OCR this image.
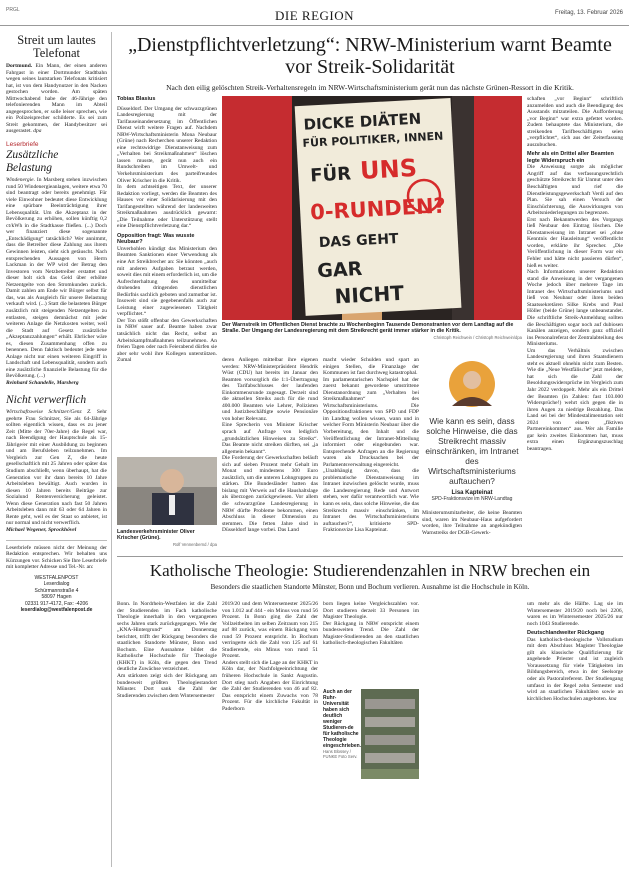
PRGL	DIE REGION	Freitag, 13. Februar 2026
Streit um lautes Telefonat

Dortmund. Ein Mann, der einen anderen Fahrgast in einer Dortmunder Stadtbahn wegen seines lautstarken Telefonats kritisiert hat, ist von dem Handynutzer in den Nacken gestochen worden. Am späten Mittwochabend habe der 46-Jährige den telefonierenden Mann im Abteil angegesprochen, er solle leiser sprechen, wie ein Polizeisprecher schilderte. Es sei zum Streit gekommen, der Handybesitzer sei ausgerastet. dpa

Leserbriefe
Zusätzliche Belastung

Windenergie. In Marsberg stehen inzwischen rund 50 Windenergieanlagen, weitere etwa 70 sind beantragt oder bereits genehmigt. Für viele Einwohner bedeutet diese Entwicklung eine spürbare Beeinträchtigung ihrer Lebensqualität. Um die Akzeptanz in der Bevölkerung zu erhöhen, sollen künftig 0,2 ct/kWh in die Stadtkasse fließen. (...) Doch wer finanziert diese sogenannte „Entschädigung“ tatsächlich? Wer annimmt, dass die Betreiber diese Zahlung aus ihrem Gewinnen leisten, sieht sich getäuscht. Nach entsprechenden Aussagen von Herrn Lackman in der WP wird der Betrag den Investoren vom Netzbetreiber erstattet und dieser holt sich das Geld über erhöhte Netzentgelte von den Stromkunden zurück. Damit zahlen am Ende wir Bürger selbst für das, was als Ausgleich für unsere Belastung verkauft wird. (...) Statt die belasteten Bürger zusätzlich mit steigenden Netzentgelten zu entlasten, steigen demnächst mit jeder weiteren Anlage die Netzkosten weiter, weil die Stadt auf Gesetz zusätzliche „Akzeptanzzahlungen“ erhält. Ehrlicher wäre es, diesen Zusammenhang offen zu benennen. Denn faktisch bedeutet jede neue Anlage nicht nur einen weiteren Eingriff in Landschaft und Lebensqualität, sondern auch eine zusätzliche finanzielle Belastung für die Bevölkerung. (...)

Reinhard Schandelle, Marsberg
Nicht verwerflich

Wirtschaftsweise Schnitzer/Genz Z. Sehr geehrte Frau Schnitzer, Sie als 64-Jährige sollten eigentlich wissen, dass es zu jener Zeit (Mitte der 70er-Jahre) die Regel war, nach Beendigung der Hauptschule als 15-Jährige/er mit einer Ausbildung zu beginnen und am Berufsleben teilzunehmen. Im Vergleich zur Gen Z, die heute gesellschaftlich mit 25 Jahren oder später das Studium abschließt, wenn überhaupt, hat die Generation vor ihr dann bereits 10 Jahre Arbeitsleben bewältigt. Auch wurden in diesen 10 Jahren bereits Beiträge zur Sozialund Rentenversicherung geleistet. Wenn diese Generation nach fast 50 Jahren Arbeitsleben dann mit 63 oder 64 Jahren in Rente geht, weil es der Staat so anbietet, ist nur normal und nicht verwerflich.

Michael Wegener, Sprockhövel

Leserbriefe müssen nicht der Meinung der Redaktion entsprechen. Wir behalten uns Kürzungen vor. Schicken Sie Ihre Leserbriefe mit kompletter Adresse und Tel.-Nr. an:

WESTFALENPOST
Leserdialog
Schürmannstraße 4
58097 Hagen
02331 917-4172, Fax: -4206
leserdialog@westfalenpost.de
„Dienstpflichtverletzung“: NRW-Ministerium warnt Beamte vor Streik-Solidarität
Nach den eilig gelöschten Streik-Verhaltensregeln im NRW-Wirtschaftsministerium gerät nun das nächste Grünen-Ressort in die Kritik.
Tobias Blasius

Düsseldorf. Der Umgang der schwarzgrünen Landesregierung mit der Tarifauseinandersetzung im Öffentlichen Dienst wirft weitere Fragen auf. Nachdem NRW-Wirtschaftsministerin Mona Neubaur (Grüne) nach Recherchen unserer Redaktion eine rechtswidrige Dienstanweisung zum „Verhalten bei Streikmaßnahmen“ löschen lassen musste, gerät nun auch ein Rundschreiben im Umwelt- und Verkehrsministerium des parteifreundes Oliver Krischer in die Kritik.
In dem achtseitigen Text, der unserer Redaktion vorliegt, werden die Beamten des Hauses vor einer Solidarisierung mit den Tarifangestellten während der landesweiten Streikmaßnahmen ausdrücklich gewarnt: „Die Teilnahme oder Unterstützung stellt eine Dienstpflichtverletzung dar.“

Opposition fragt: Was wusste Neubaur?

Unverhohlen kündigt das Ministerium den Beamten Sanktionen einer Verwendung als eine Art Streikbrecher an: Sie könnten „auch mit anderen Aufgaben betraut werden, soweit dies mit einem erforderlich ist, um die Aufrechterhaltung des unmittelbar drohenden dringenden dienstlichen Bedürfnis sachlich geboten und zumutbar ist. Insoweit sind sie gegebenenfalls auch zur Leistung einer zugewiesenen Tätigkeit verpflichtet.“
Der Ton stößt offenbar den Gewerkschaften in NRW sauer auf. Beamte haben zwar tatsächlich nicht das Recht, selbst an Arbeitskampfmaßnahmen teilzunehmen. An freien Tagen oder nach Feierabend dürfen sie aber sehr wohl ihre Kollegen unterstützen. Zumal

DICKE DIÄTEN
FÜR POLITIKER, INNEN
FÜR UNS
0-RUNDEN?
DAS GEHT
GAR
NICHT
Der Warnstreik im Öffentlichen Dienst brachte zu Wochenbeginn Tausende Demonstranten vor dem Landtag auf die Straße. Der Umgang der Landesregierung mit dem Streikrecht gerät immer stärker in die Kritik.
Christoph Reichwein / Christoph Reichwein/dpa

deren Anliegen mittelbar ihre eigenen werden: NRW-Ministerpräsident Hendrik Wüst (CDU) hat bereits im Januar den Beamten vorsorglich die 1:1-Übertragung des Tarifabschlusses der laufenden Einkommensrunde zugesagt. Derzeit sind die aktuellen Streiks auch für die rund 400.000 Beamten wie Lehrer, Polizisten und Justizbeschäftigte sowie Pensionäre von hoher Relevanz.
Eine Sprecherin von Minister Krischer sprach auf Anfrage von lediglich „grundsätzlichen Hinweisen zu Streiks“. Das Beamte nicht streiken dürften, sei „ja allgemein bekannt“.
Die Forderung der Gewerkschaften beläuft sich auf sieben Prozent mehr Gehalt im Monat und mindestens 300 Euro zusätzlich, um die unteren Lohngruppen zu stärken. Die Bundesländer hatten das bislang mit Verweis auf die Haushaltslage als überzogen zurückgewiesen. Vor allem die schwarzgrüne Landesregierung in NRW dürfte Probleme bekommen, einen Abschluss in dieser Dimension zu stemmen. Die fetten Jahre sind in Düsseldorf lange vorbei. Das Land

macht wieder Schulden und spart an einigen Stellen, die Finanzlage der Kommunen ist fast durchweg katastrophal.
Im parlamentarischen Nachspiel hat der zuerst bekannt gewordene umstrittene Dienstanordnung zum „Verhalten bei Streikmaßnahmen“ des Wirtschaftsministeriums. Die Oppositionsfraktionen von SPD und FDP im Landtag wollen wissen, wann und in welcher Form Ministerin Neubaur über die Vorbereitung, den Inhalt und die Veröffentlichung der Intranet-Mitteilung informiert oder eingebunden war. Entsprechende Anfragen an die Regierung waren als Drucksachen bei der Parlamentsverwaltung eingereicht.
„Unabhängig davon, dass die problematische Dienstanweisung im Intranet inzwischen gelöscht wurde, muss die Landesregierung Rede und Antwort stehen, wer dafür verantwortlich war. Wie kann es sein, dass solche Hinweise, die das Streikrecht massiv einschränken, im Intranet des Wirtschaftsministeriums auftauchen?“, kritisierte SPD-Fraktionsvize Lisa Kapteinat.

Landesverkehrsminister Oliver Krischer (Grüne).
Rolf Vennenbernd / dpa

schaften „vor Beginn“ schriftlich anzumelden und auch die Beendigung des Ausstands mitzuteilen. Die Aufforderung „vor Beginn“ war extra gefettet worden. Zudem behauptete das Ministerium, die streikenden Tarifbeschäftigten seien „verpflichtet“, sich aus der Zeiterfassung auszubuchen.

Mehr als ein Drittel aller Beamten legte Widerspruch ein

Die Anweisung sorgte als möglicher Angriff auf das verfassungsrechtlich geschützte Streikrecht für Unmut unter den Beschäftigten und rief die Dienstleistungsgewerkschaft Verdi auf den Plan. Sie sah einen Versuch der Einschüchterung, die Auswirkungen von Arbeitsniederlegungen zu begrenzen.
Erst nach Bekanntwerden des Vorgangs ließ Neubaur den Eintrag löschen. Die Dienstanweisung im Intranet sei „ohne Kenntnis der Hausleitung“ veröffentlicht worden, erklärte ihr Sprecher. „Die Veröffentlichung in dieser Form war ein Fehler und hätte nicht passieren dürfen“, hieß es weiter.
Nach Informationen unserer Redaktion stand die Anweisung in der vergangenen Woche jedoch über mehrere Tage im Intranet des Wirtschaftsministeriums und ließ von Neubaur oder ihren beiden Staatssekretären Silke Krebs und Paul Höller (beide Grüne) lange unbeanstandet. Die schriftliche Streik-Anmeldung sollten die Beschäftigten sogar noch auf dubiosen Kanälen anzeigen, sondern ganz offiziell ins Personalreferat der Zentralabteilung des Ministeriums.
Um das Verhältnis zwischen Landesregierung und ihren Staatsdienern steht es aktuell ohnehin nicht zum Besten. Wie die „Neue Westfälische“ jetzt meldete, hat sich die Zahl der Besoldungswidersprüche im Vergleich zum Jahr 2022 verdoppelt. Mehr als ein Drittel der Beamten (in Zahlen: fast 103.000 Widersprüche!) wehrt sich gegen die in ihren Augen zu niedrige Bezahlung. Das Land sei bei der Mindestalimentation seit 2024 von einem „fiktiven Partnereinkommen“ aus. Wer als Familie gar kein zweites Einkommen hat, muss extra einen Ergänzungszuschlag beantragen.

Wie kann es sein, dass solche Hinweise, die das Streikrecht massiv einschränken, im Intranet des Wirtschaftsministeriums auftauchen?
Lisa Kapteinat
SPD-Fraktionsvize im NRW-Landtag

Ministerumsmitarbeiter, die keine Beamten sind, waren im Neubaur-Haus aufgefordert worden, ihre Teilnahme an angekündigten Warnstreiks der DGB-Gewerk-

Katholische Theologie: Studierendenzahlen in NRW brechen ein
Besonders die staatlichen Standorte Münster, Bonn und Bochum verlieren. Ausnahme ist die Hochschule in Köln.

Bonn. In Nordrhein-Westfalen ist die Zahl der Studierenden im Fach katholische Theologie innerhalb in den vergangenen sechs Jahren stark zurückgegangen. Wie der „KNA-Hintergrund“ am Donnerstag berichtet, trifft der Rückgang besonders die staatlichen Standorte Münster, Bonn und Bochum. Eine Ausnahme bildet die Katholische Hochschule für Theologie (KHKT) in Köln, die gegen den Trend deutliche Zuwächse verzeichnet.
Am stärksten zeigt sich der Rückgang am bundesweit größten Theologiestandort Münster. Dort sank die Zahl der Studierenden zwischen dem Wintersemester

2019/20 und dem Wintersemester 2025/26 von 1.012 auf 444 - ein Minus von rund 56 Prozent. In Bonn ging die Zahl der Vollzeitbeiten im selben Zeitraum von 215 auf 88 zurück, was einem Rückgang von rund 59 Prozent entspricht. In Bochum verringerte sich die Zahl von 125 auf 61 Studierende, ein Minus von rund 51 Prozent.
Anders stellt sich die Lage an der KHKT in Köln dar, der Nachfolgeeinrichtung der früheren Hochschule in Sankt Augustin. Dort stieg nach Angaben der Einrichtung die Zahl der Studierenden von 46 auf 82. Das entspricht einem Zuwachs von 78 Prozent. Für die kirchliche Fakultät in Paderborn

born liegen keine Vergleichszahlen vor. Dort studieren derzeit 33 Personen im Magister Theologie.
Der Rückgang in NRW entspricht einem bundesweiten Trend. Die Zahl der Magister-Studierenden an den staatlichen katholisch-theologischen Fakultäten

Auch an der Ruhr-Universität haben sich deutlich weniger Studieren-de für katholische Theologie eingeschrieben.
Hans Blossey / FUNKE Foto Serv.

um mehr als die Hälfte. Lag sie im Wintersemester 2019/20 noch bei 2206, waren es im Wintersemester 2025/26 nur noch 1043 Studierende.

Deutschlandweiter Rückgang

Das katholisch-theologische Vollstudium mit dem Abschluss Magister Theologiae gilt als klassische Qualifizierung für angehende Priester und ist zugleich Voraussetzung für viele Tätigkeiten im Bildungsbereich, etwa in der Seelsorge oder als Pastoralreferent. Der Studiengang umfasst in der Regel zehn Semester und wird an staatlichen Fakultäten sowie an kirchlichen Hochschulen angeboten. kna
